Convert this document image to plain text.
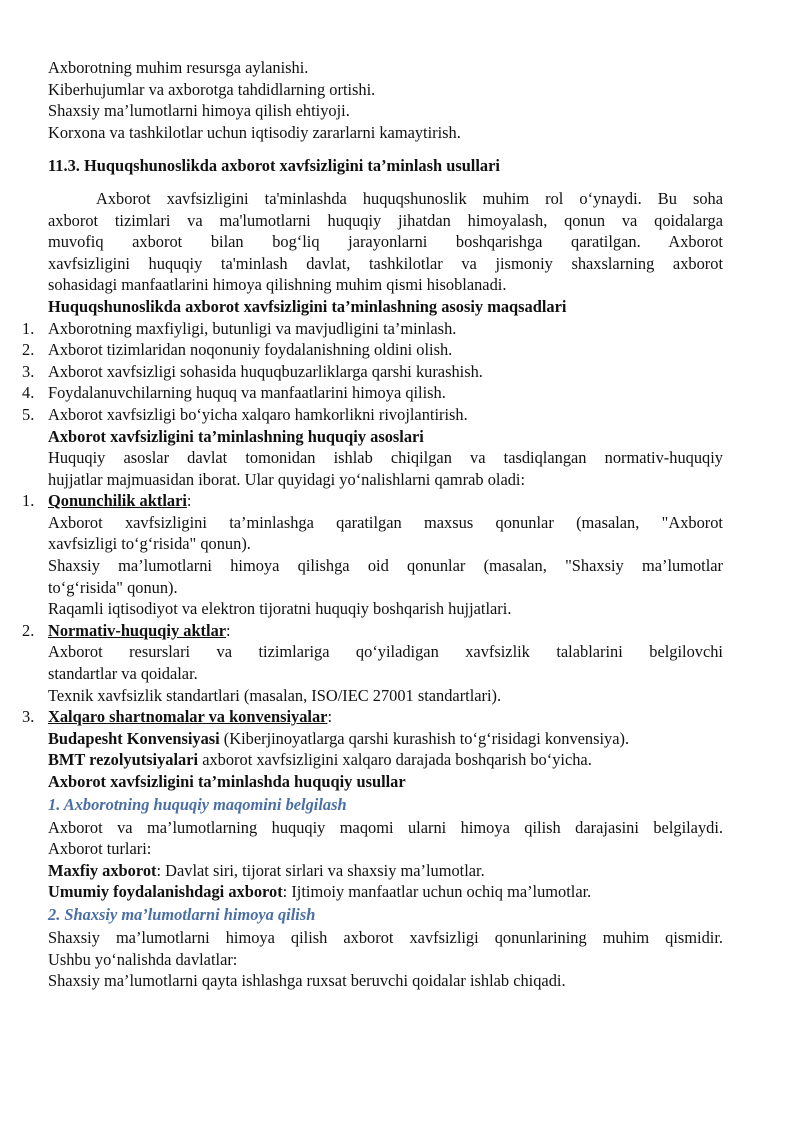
Axborotning muhim resursga aylanishi.
Kiberhujumlar va axborotga tahdidlarning ortishi.
Shaxsiy ma’lumotlarni himoya qilish ehtiyoji.
Korxona va tashkilotlar uchun iqtisodiy zararlarni kamaytirish.
11.3. Huquqshunoslikda axborot xavfsizligini ta’minlash usullari
Axborot xavfsizligini ta'minlashda huquqshunoslik muhim rol o‘ynaydi. Bu soha
axborot tizimlari va ma'lumotlarni huquqiy jihatdan himoyalash, qonun va qoidalarga
muvofiq axborot bilan bog‘liq jarayonlarni boshqarishga qaratilgan. Axborot
xavfsizligini huquqiy ta'minlash davlat, tashkilotlar va jismoniy shaxslarning axborot
sohasidagi manfaatlarini himoya qilishning muhim qismi hisoblanadi.
Huquqshunoslikda axborot xavfsizligini ta’minlashning asosiy maqsadlari
1. Axborotning maxfiyligi, butunligi va mavjudligini ta’minlash.
2. Axborot tizimlaridan noqonuniy foydalanishning oldini olish.
3. Axborot xavfsizligi sohasida huquqbuzarliklarga qarshi kurashish.
4. Foydalanuvchilarning huquq va manfaatlarini himoya qilish.
5. Axborot xavfsizligi bo‘yicha xalqaro hamkorlikni rivojlantirish.
Axborot xavfsizligini ta’minlashning huquqiy asoslari
Huquqiy asoslar davlat tomonidan ishlab chiqilgan va tasdiqlangan normativ-huquqiy
hujjatlar majmuasidan iborat. Ular quyidagi yo‘nalishlarni qamrab oladi:
1. Qonunchilik aktlari:
Axborot xavfsizligini ta’minlashga qaratilgan maxsus qonunlar (masalan, "Axborot
xavfsizligi to‘g‘risida" qonun).
Shaxsiy ma’lumotlarni himoya qilishga oid qonunlar (masalan, "Shaxsiy ma’lumotlar
to‘g‘risida" qonun).
Raqamli iqtisodiyot va elektron tijoratni huquqiy boshqarish hujjatlari.
2. Normativ-huquqiy aktlar:
Axborot resurslari va tizimlariga qo‘yiladigan xavfsizlik talablarini belgilovchi
standartlar va qoidalar.
Texnik xavfsizlik standartlari (masalan, ISO/IEC 27001 standartlari).
3. Xalqaro shartnomalar va konvensiyalar:
Budapesht Konvensiyasi (Kiberjinoyatlarga qarshi kurashish to‘g‘risidagi konvensiya).
BMT rezolyutsiyalari axborot xavfsizligini xalqaro darajada boshqarish bo‘yicha.
Axborot xavfsizligini ta’minlashda huquqiy usullar
1. Axborotning huquqiy maqomini belgilash
Axborot va ma’lumotlarning huquqiy maqomi ularni himoya qilish darajasini belgilaydi.
Axborot turlari:
Maxfiy axborot: Davlat siri, tijorat sirlari va shaxsiy ma’lumotlar.
Umumiy foydalanishdagi axborot: Ijtimoiy manfaatlar uchun ochiq ma’lumotlar.
2. Shaxsiy ma’lumotlarni himoya qilish
Shaxsiy ma’lumotlarni himoya qilish axborot xavfsizligi qonunlarining muhim qismidir.
Ushbu yo‘nalishda davlatlar:
Shaxsiy ma’lumotlarni qayta ishlashga ruxsat beruvchi qoidalar ishlab chiqadi.
